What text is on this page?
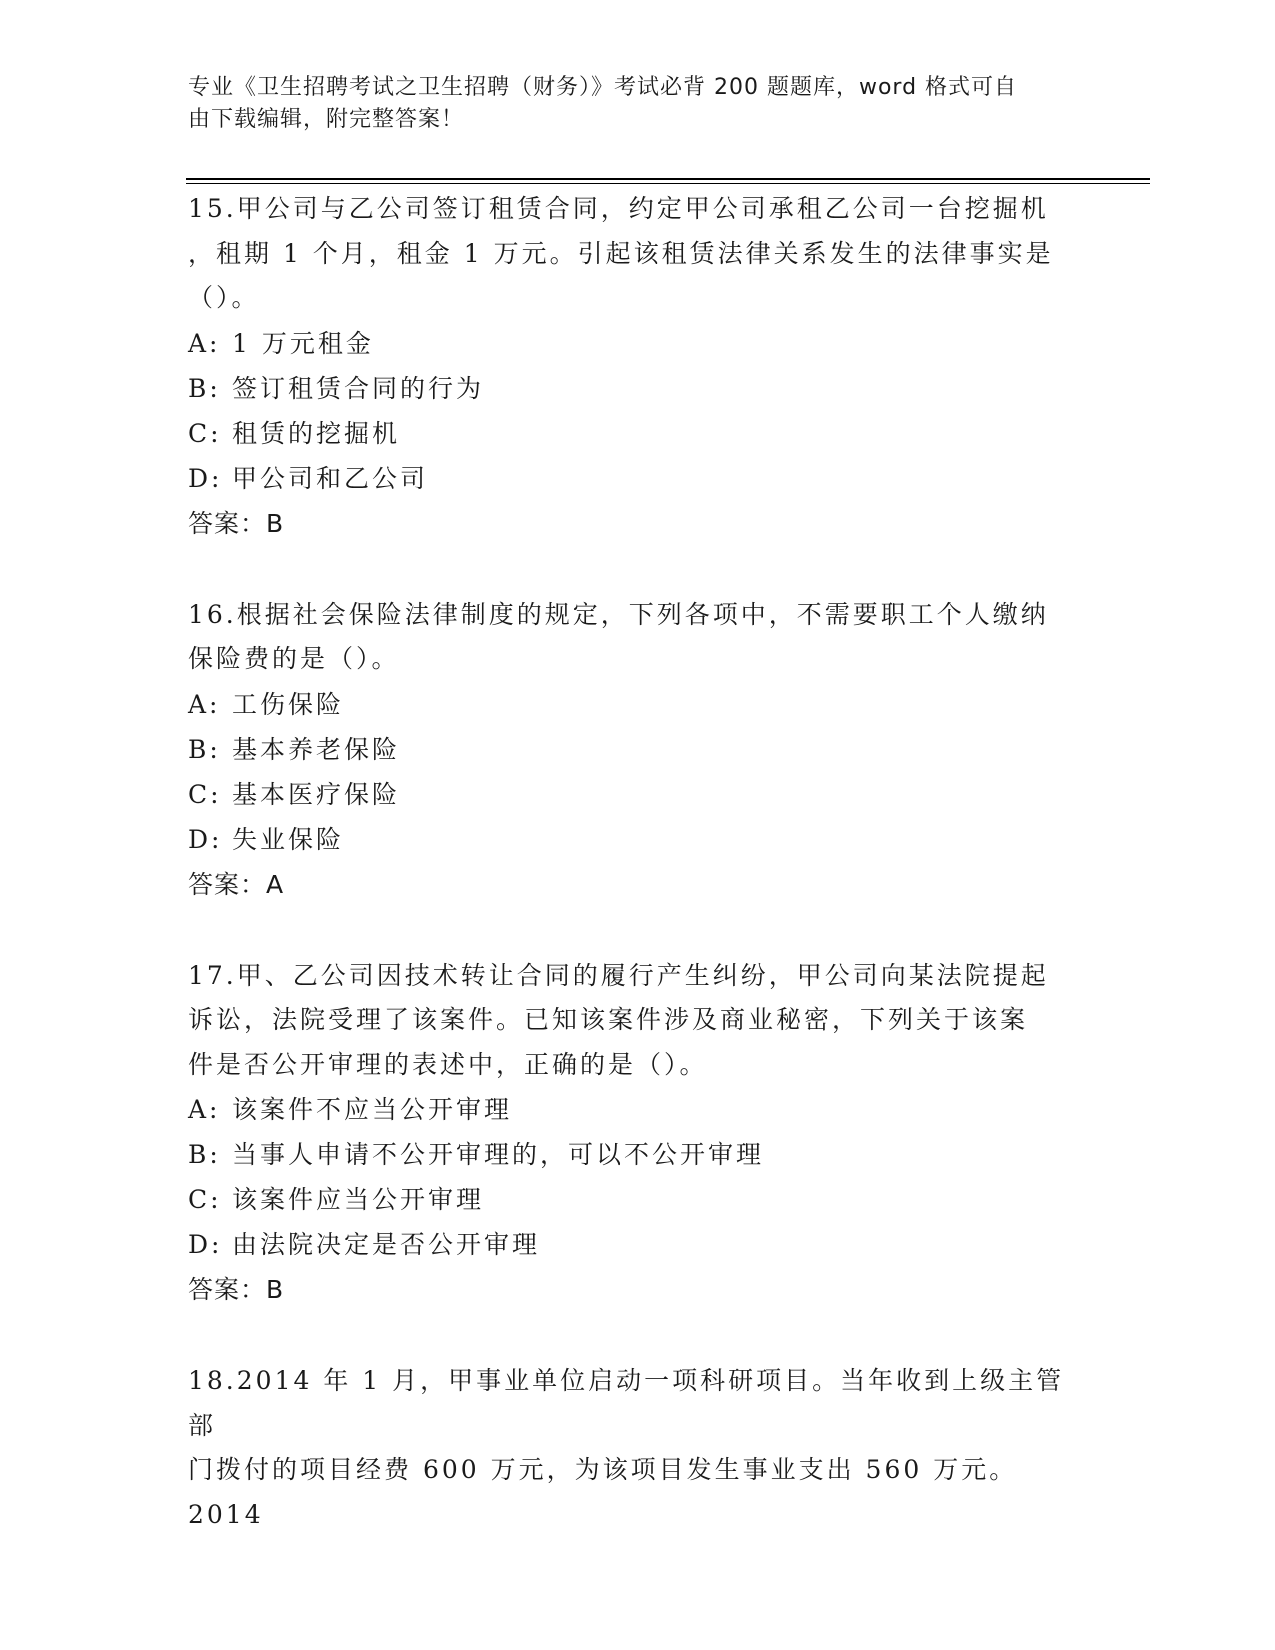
专业《卫生招聘考试之卫生招聘（财务）》考试必背 200 题题库，word 格式可自
由下载编辑，附完整答案！

15.甲公司与乙公司签订租赁合同，约定甲公司承租乙公司一台挖掘机
，租期 1 个月，租金 1 万元。引起该租赁法律关系发生的法律事实是
（）。

A: 1 万元租金

B: 签订租赁合同的行为

C: 租赁的挖掘机

D: 甲公司和乙公司

答案：B

16.根据社会保险法律制度的规定，下列各项中，不需要职工个人缴纳
保险费的是（）。

A: 工伤保险

B: 基本养老保险

C: 基本医疗保险

D: 失业保险

答案：A

17.甲、乙公司因技术转让合同的履行产生纠纷，甲公司向某法院提起
诉讼，法院受理了该案件。已知该案件涉及商业秘密，下列关于该案
件是否公开审理的表述中，正确的是（）。

A: 该案件不应当公开审理

B: 当事人申请不公开审理的，可以不公开审理

C: 该案件应当公开审理

D: 由法院决定是否公开审理

答案：B

18.2014 年 1 月，甲事业单位启动一项科研项目。当年收到上级主管部
门拨付的项目经费 600 万元，为该项目发生事业支出 560 万元。2014
